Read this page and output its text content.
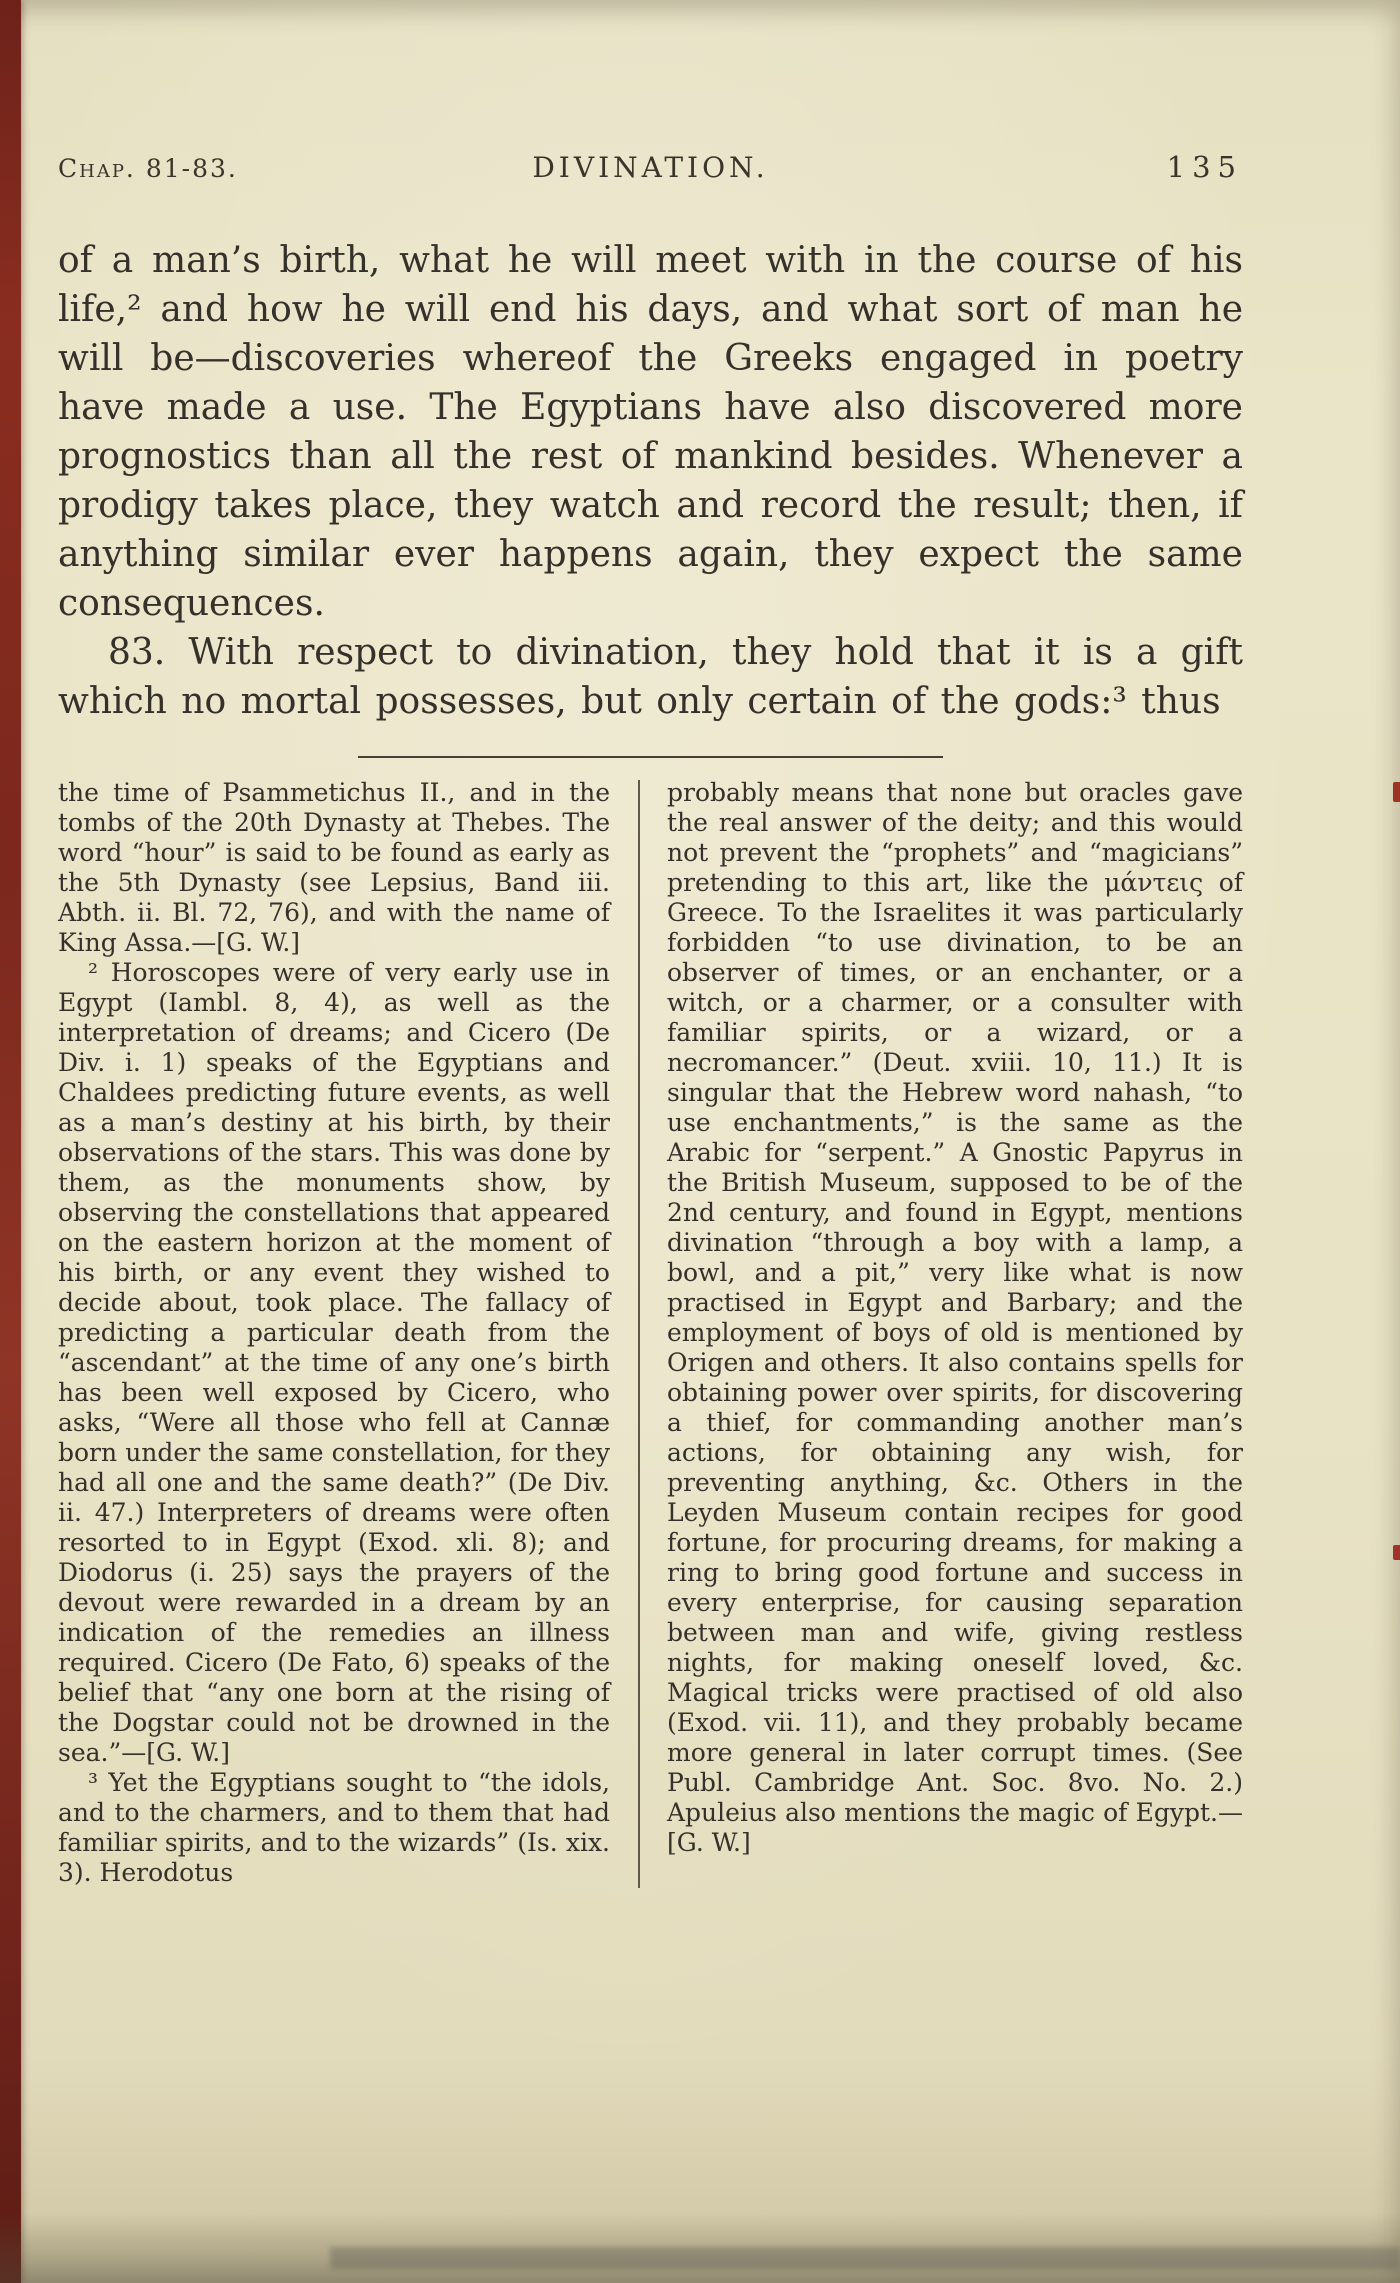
Chap. 81-83.	DIVINATION.	135

of a man’s birth, what he will meet with in the course of his life,² and how he will end his days, and what sort of man he will be—discoveries whereof the Greeks engaged in poetry have made a use. The Egyptians have also discovered more prognostics than all the rest of mankind besides. Whenever a prodigy takes place, they watch and record the result; then, if anything similar ever happens again, they expect the same consequences.

83. With respect to divination, they hold that it is a gift which no mortal possesses, but only certain of the gods:³ thus

the time of Psammetichus II., and in the tombs of the 20th Dynasty at Thebes. The word “hour” is said to be found as early as the 5th Dynasty (see Lepsius, Band iii. Abth. ii. Bl. 72, 76), and with the name of King Assa.—[G. W.]

² Horoscopes were of very early use in Egypt (Iambl. 8, 4), as well as the interpretation of dreams; and Cicero (De Div. i. 1) speaks of the Egyptians and Chaldees predicting future events, as well as a man’s destiny at his birth, by their observations of the stars. This was done by them, as the monuments show, by observing the constellations that appeared on the eastern horizon at the moment of his birth, or any event they wished to decide about, took place. The fallacy of predicting a particular death from the “ascendant” at the time of any one’s birth has been well exposed by Cicero, who asks, “Were all those who fell at Cannæ born under the same constellation, for they had all one and the same death?” (De Div. ii. 47.) Interpreters of dreams were often resorted to in Egypt (Exod. xli. 8); and Diodorus (i. 25) says the prayers of the devout were rewarded in a dream by an indication of the remedies an illness required. Cicero (De Fato, 6) speaks of the belief that “any one born at the rising of the Dogstar could not be drowned in the sea.”—[G. W.]

³ Yet the Egyptians sought to “the idols, and to the charmers, and to them that had familiar spirits, and to the wizards” (Is. xix. 3). Herodotus

probably means that none but oracles gave the real answer of the deity; and this would not prevent the “prophets” and “magicians” pretending to this art, like the μάντεις of Greece. To the Israelites it was particularly forbidden “to use divination, to be an observer of times, or an enchanter, or a witch, or a charmer, or a consulter with familiar spirits, or a wizard, or a necromancer.” (Deut. xviii. 10, 11.) It is singular that the Hebrew word nahash, “to use enchantments,” is the same as the Arabic for “serpent.” A Gnostic Papyrus in the British Museum, supposed to be of the 2nd century, and found in Egypt, mentions divination “through a boy with a lamp, a bowl, and a pit,” very like what is now practised in Egypt and Barbary; and the employment of boys of old is mentioned by Origen and others. It also contains spells for obtaining power over spirits, for discovering a thief, for commanding another man’s actions, for obtaining any wish, for preventing anything, &c. Others in the Leyden Museum contain recipes for good fortune, for procuring dreams, for making a ring to bring good fortune and success in every enterprise, for causing separation between man and wife, giving restless nights, for making oneself loved, &c. Magical tricks were practised of old also (Exod. vii. 11), and they probably became more general in later corrupt times. (See Publ. Cambridge Ant. Soc. 8vo. No. 2.) Apuleius also mentions the magic of Egypt.—[G. W.]
